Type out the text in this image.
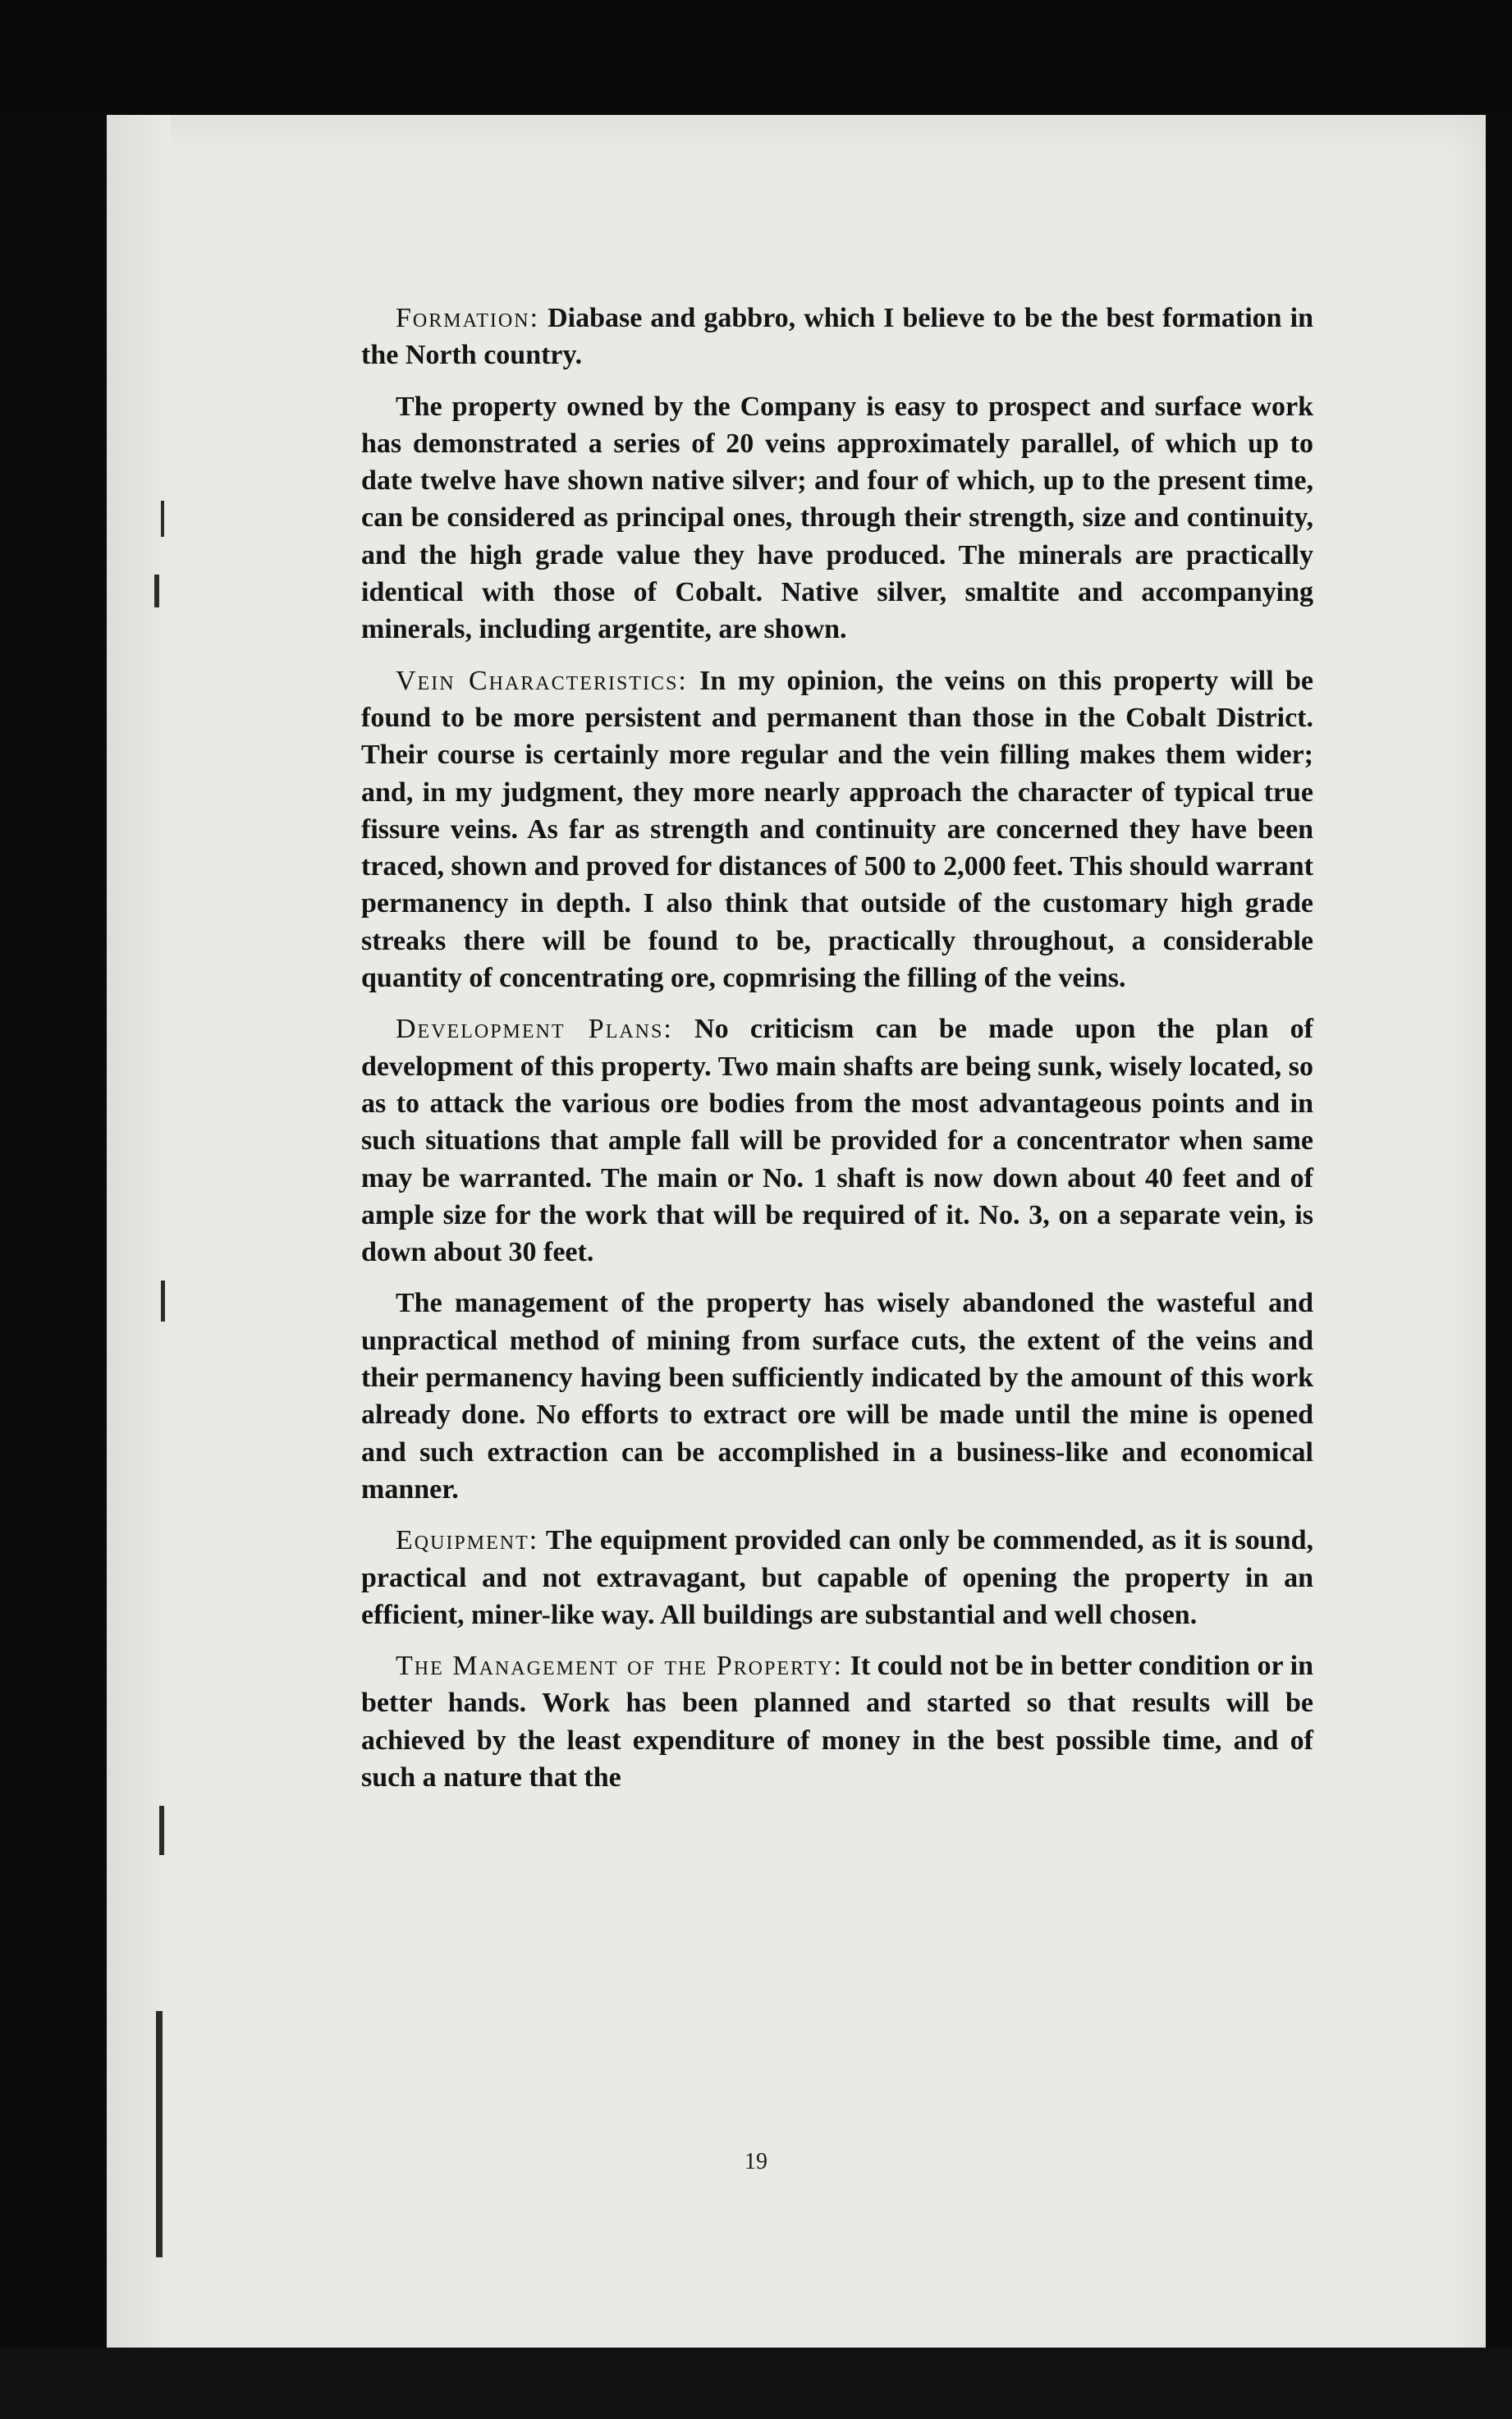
Formation: Diabase and gabbro, which I believe to be the best formation in the North country.

The property owned by the Company is easy to prospect and surface work has demonstrated a series of 20 veins approximately parallel, of which up to date twelve have shown native silver; and four of which, up to the present time, can be considered as principal ones, through their strength, size and continuity, and the high grade value they have produced. The minerals are practically identical with those of Cobalt. Native silver, smaltite and accompanying minerals, including argentite, are shown.

Vein Characteristics: In my opinion, the veins on this property will be found to be more persistent and permanent than those in the Cobalt District. Their course is certainly more regular and the vein filling makes them wider; and, in my judgment, they more nearly approach the character of typical true fissure veins. As far as strength and continuity are concerned they have been traced, shown and proved for distances of 500 to 2,000 feet. This should warrant permanency in depth. I also think that outside of the customary high grade streaks there will be found to be, practically throughout, a considerable quantity of concentrating ore, copmrising the filling of the veins.

Development Plans: No criticism can be made upon the plan of development of this property. Two main shafts are being sunk, wisely located, so as to attack the various ore bodies from the most advantageous points and in such situations that ample fall will be provided for a concentrator when same may be warranted. The main or No. 1 shaft is now down about 40 feet and of ample size for the work that will be required of it. No. 3, on a separate vein, is down about 30 feet.

The management of the property has wisely abandoned the wasteful and unpractical method of mining from surface cuts, the extent of the veins and their permanency having been sufficiently indicated by the amount of this work already done. No efforts to extract ore will be made until the mine is opened and such extraction can be accomplished in a business-like and economical manner.

Equipment: The equipment provided can only be commended, as it is sound, practical and not extravagant, but capable of opening the property in an efficient, miner-like way. All buildings are substantial and well chosen.

The Management of the Property: It could not be in better condition or in better hands. Work has been planned and started so that results will be achieved by the least expenditure of money in the best possible time, and of such a nature that the

19
